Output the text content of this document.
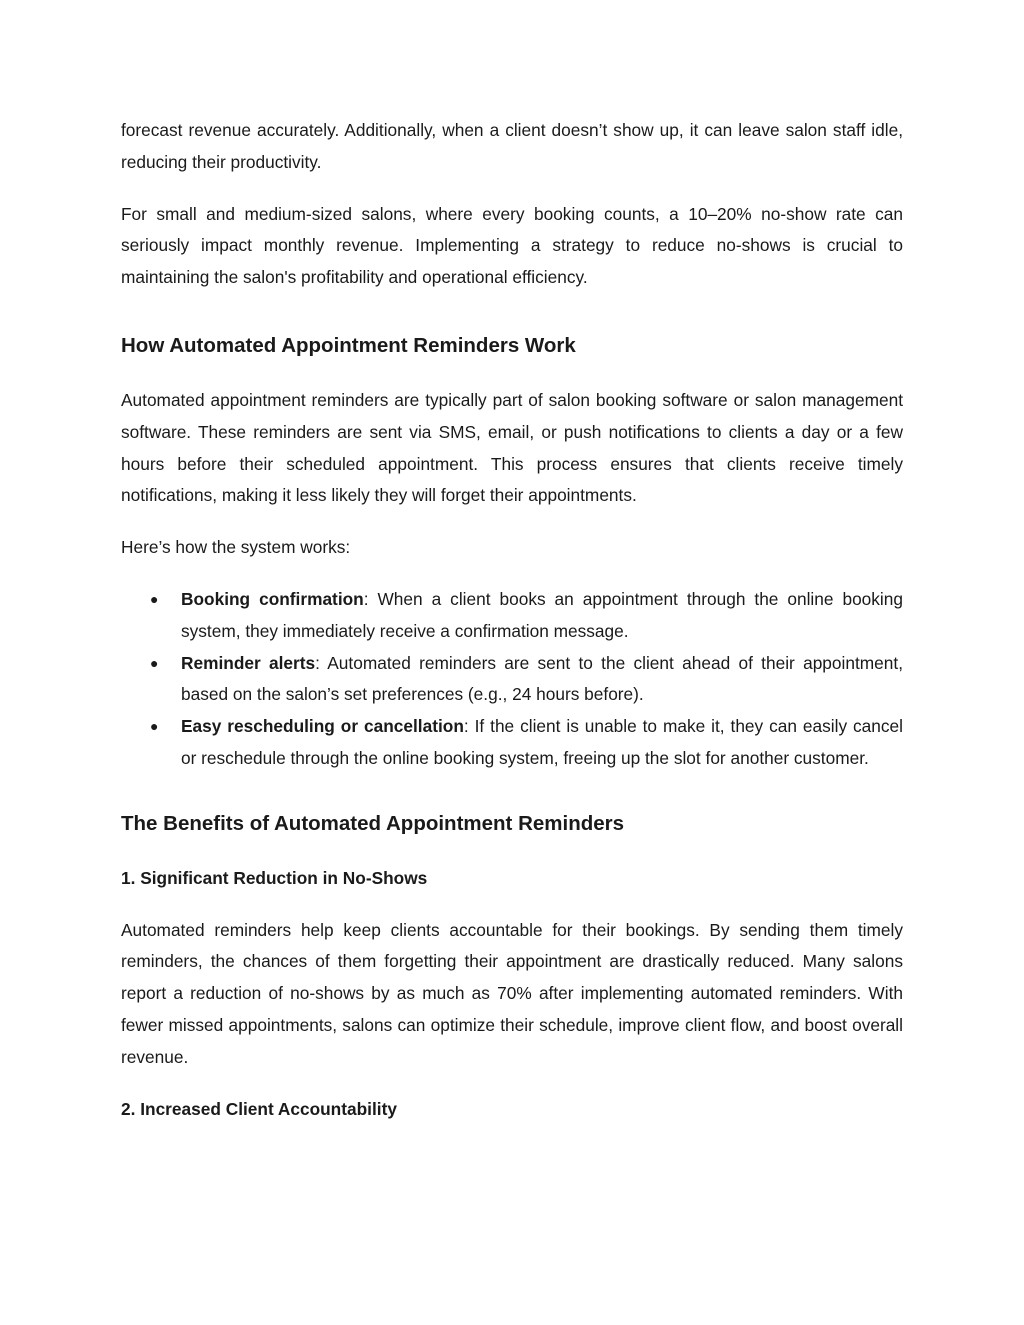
forecast revenue accurately. Additionally, when a client doesn’t show up, it can leave salon staff idle, reducing their productivity.

For small and medium-sized salons, where every booking counts, a 10–20% no-show rate can seriously impact monthly revenue. Implementing a strategy to reduce no-shows is crucial to maintaining the salon's profitability and operational efficiency.

How Automated Appointment Reminders Work

Automated appointment reminders are typically part of salon booking software or salon management software. These reminders are sent via SMS, email, or push notifications to clients a day or a few hours before their scheduled appointment. This process ensures that clients receive timely notifications, making it less likely they will forget their appointments.

Here’s how the system works:

● Booking confirmation: When a client books an appointment through the online booking system, they immediately receive a confirmation message.
● Reminder alerts: Automated reminders are sent to the client ahead of their appointment, based on the salon’s set preferences (e.g., 24 hours before).
● Easy rescheduling or cancellation: If the client is unable to make it, they can easily cancel or reschedule through the online booking system, freeing up the slot for another customer.
The Benefits of Automated Appointment Reminders
1. Significant Reduction in No-Shows

Automated reminders help keep clients accountable for their bookings. By sending them timely reminders, the chances of them forgetting their appointment are drastically reduced. Many salons report a reduction of no-shows by as much as 70% after implementing automated reminders. With fewer missed appointments, salons can optimize their schedule, improve client flow, and boost overall revenue.

2. Increased Client Accountability
